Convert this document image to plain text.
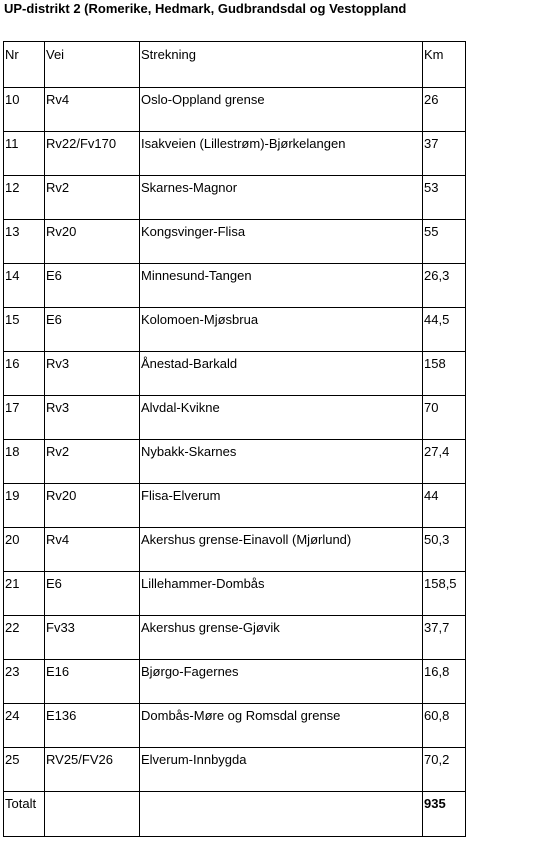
UP-distrikt 2 (Romerike, Hedmark, Gudbrandsdal og Vestoppland
Nr	Vei	Strekning	Km
10	Rv4	Oslo-Oppland grense	26
11	Rv22/Fv170	Isakveien (Lillestrøm)-Bjørkelangen	37
12	Rv2	Skarnes-Magnor	53
13	Rv20	Kongsvinger-Flisa	55
14	E6	Minnesund-Tangen	26,3
15	E6	Kolomoen-Mjøsbrua	44,5
16	Rv3	Ånestad-Barkald	158
17	Rv3	Alvdal-Kvikne	70
18	Rv2	Nybakk-Skarnes	27,4
19	Rv20	Flisa-Elverum	44
20	Rv4	Akershus grense-Einavoll (Mjørlund)	50,3
21	E6	Lillehammer-Dombås	158,5
22	Fv33	Akershus grense-Gjøvik	37,7
23	E16	Bjørgo-Fagernes	16,8
24	E136	Dombås-Møre og Romsdal grense	60,8
25	RV25/FV26	Elverum-Innbygda	70,2
Totalt			935
